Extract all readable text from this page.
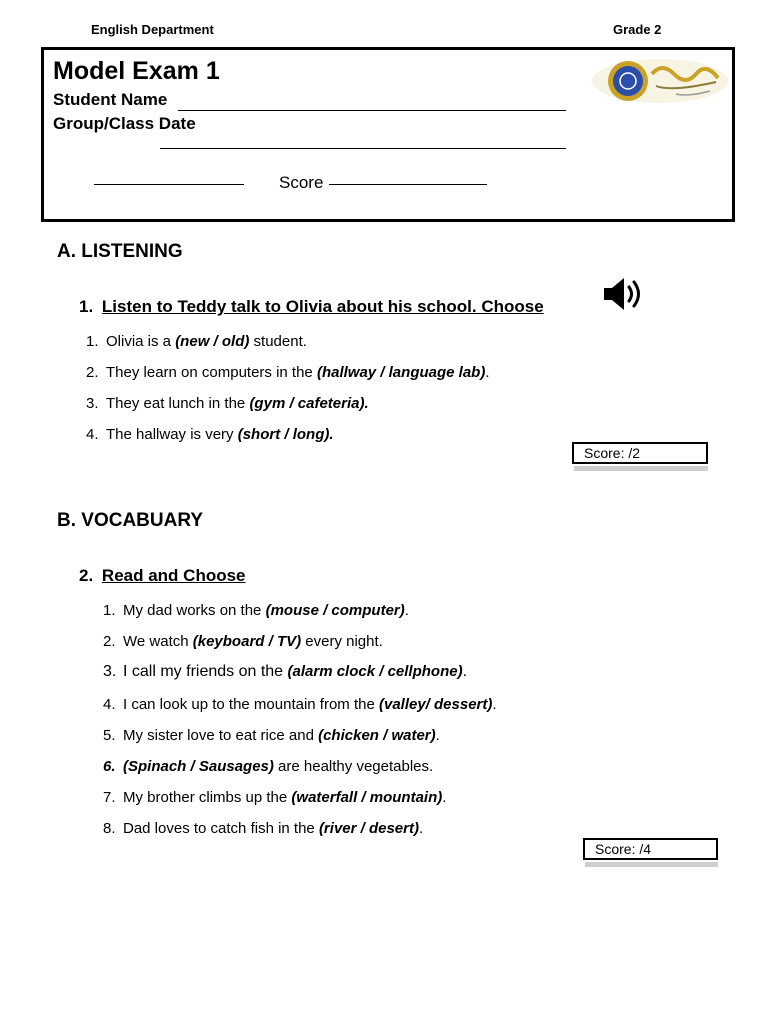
English Department	Grade 2
Model Exam 1
Student Name
Group/Class Date
Score
A. LISTENING
1. Listen to Teddy talk to Olivia about his school. Choose
1. Olivia is a (new / old) student.
2. They learn on computers in the (hallway / language lab).
3. They eat lunch in the (gym / cafeteria).
4. The hallway is very (short / long).
Score: /2
B. VOCABUARY
2. Read and Choose
1. My dad works on the (mouse / computer).
2. We watch (keyboard / TV) every night.
3. I call my friends on the (alarm clock / cellphone).
4. I can look up to the mountain from the (valley/ dessert).
5. My sister love to eat rice and (chicken / water).
6. (Spinach / Sausages) are healthy vegetables.
7. My brother climbs up the (waterfall / mountain).
8. Dad loves to catch fish in the (river / desert).
Score: /4
